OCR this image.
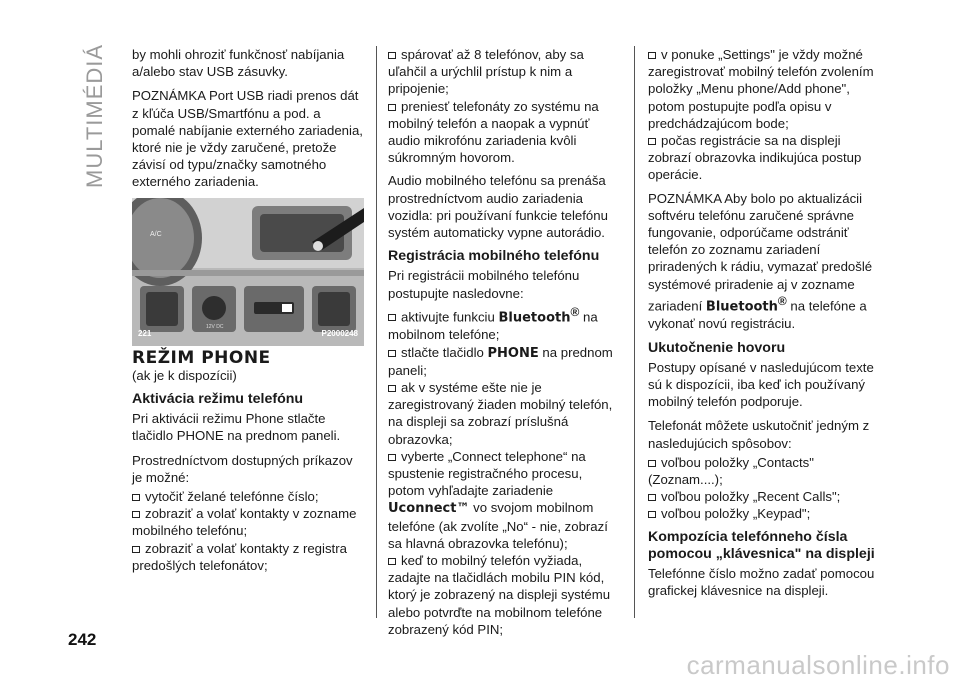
MULTIMÉDIÁ by mohli ohroziť funkčnosť nabíjania a/alebo stav USB zásuvky.

POZNÁMKA Port USB riadi prenos dát z kľúča USB/Smartfónu a pod. a pomalé nabíjanie externého zariadenia, ktoré nie je vždy zaručené, pretože závisí od typu/značky samotného externého zariadenia.

A/C
12V DC
221	P2000248
REŽIM PHONE

(ak je k dispozícii)

Aktivácia režimu telefónu

Pri aktivácii režimu Phone stlačte tlačidlo PHONE na prednom paneli.

Prostredníctvom dostupných príkazov je možné:

vytočiť želané telefónne číslo;
zobraziť a volať kontakty v zozname mobilného telefónu;
zobraziť a volať kontakty z registra predošlých telefonátov;
spárovať až 8 telefónov, aby sa uľahčil a urýchlil prístup k nim a pripojenie;
preniesť telefonáty zo systému na mobilný telefón a naopak a vypnúť audio mikrofónu zariadenia kvôli súkromným hovorom.

Audio mobilného telefónu sa prenáša prostredníctvom audio zariadenia vozidla: pri používaní funkcie telefónu systém automaticky vypne autorádio.

Registrácia mobilného telefónu

Pri registrácii mobilného telefónu postupujte nasledovne:

aktivujte funkciu Bluetooth® na mobilnom telefóne;
stlačte tlačidlo PHONE na prednom paneli;
ak v systéme ešte nie je zaregistrovaný žiaden mobilný telefón, na displeji sa zobrazí príslušná obrazovka;
vyberte „Connect telephone“ na spustenie registračného procesu, potom vyhľadajte zariadenie Uconnect™ vo svojom mobilnom telefóne (ak zvolíte „No“ - nie, zobrazí sa hlavná obrazovka telefónu);
keď to mobilný telefón vyžiada, zadajte na tlačidlách mobilu PIN kód, ktorý je zobrazený na displeji systému alebo potvrďte na mobilnom telefóne zobrazený kód PIN;
v ponuke „Settings" je vždy možné zaregistrovať mobilný telefón zvolením položky „Menu phone/Add phone", potom postupujte podľa opisu v predchádzajúcom bode;
počas registrácie sa na displeji zobrazí obrazovka indikujúca postup operácie.

POZNÁMKA Aby bolo po aktualizácii softvéru telefónu zaručené správne fungovanie, odporúčame odstrániť telefón zo zoznamu zariadení priradených k rádiu, vymazať predošlé systémové priradenie aj v zozname zariadení Bluetooth® na telefóne a vykonať novú registráciu.

Ukutočnenie hovoru

Postupy opísané v nasledujúcom texte sú k dispozícii, iba keď ich používaný mobilný telefón podporuje.

Telefonát môžete uskutočniť jedným z nasledujúcich spôsobov:

voľbou položky „Contacts" (Zoznam....);
voľbou položky „Recent Calls";
voľbou položky „Keypad";
Kompozícia telefónneho čísla pomocou „klávesnica" na displeji

Telefónne číslo možno zadať pomocou grafickej klávesnice na displeji.

242
carmanualsonline.info
